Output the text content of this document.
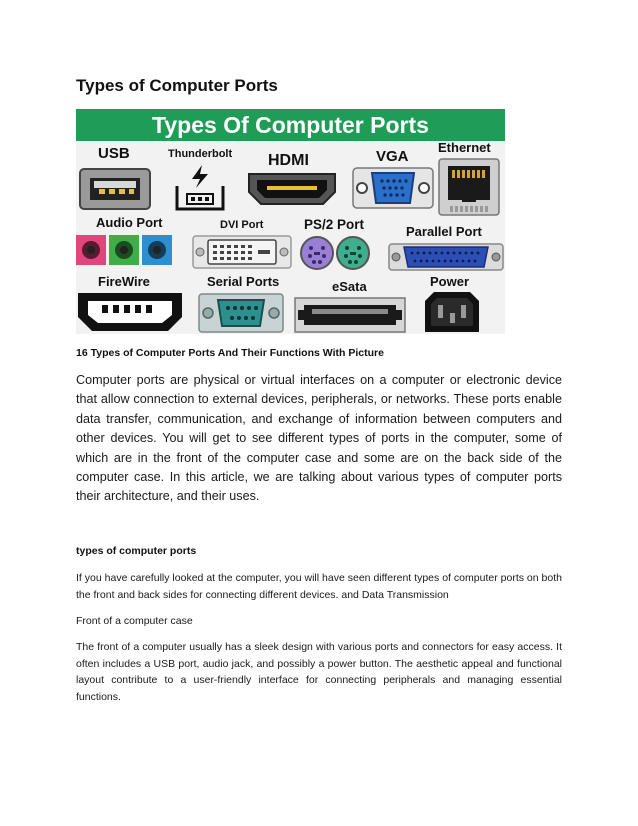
Types of Computer Ports
Types Of Computer Ports
USB	Thunderbolt HDMI	VGA
Ethernet
Audio Port	DVI Port	PS/2 Port	Parallel Port
FireWire	Serial Ports	eSata	Power

16 Types of Computer Ports And Their Functions With Picture

Computer ports are physical or virtual interfaces on a computer or electronic device that allow connection to external devices, peripherals, or networks. These ports enable data transfer, communication, and exchange of information between computers and other devices. You will get to see different types of ports in the computer, some of which are in the front of the computer case and some are on the back side of the computer case. In this article, we are talking about various types of computer ports their architecture, and their uses.

types of computer ports

If you have carefully looked at the computer, you will have seen different types of computer ports on both the front and back sides for connecting different devices. and Data Transmission

Front of a computer case

The front of a computer usually has a sleek design with various ports and connectors for easy access. It often includes a USB port, audio jack, and possibly a power button. The aesthetic appeal and functional layout contribute to a user-friendly interface for connecting peripherals and managing essential functions.
